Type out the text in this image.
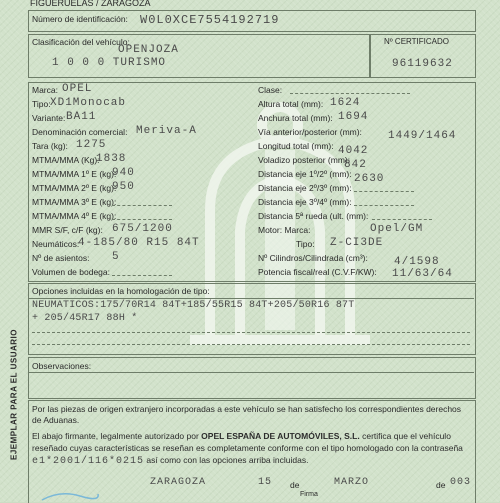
FIGUERUELAS / ZARAGOZA
Número de identificación: W0L0XCE7554192719
Clasificación del vehículo:
OPENJOZA
1 0 0 0 TURISMO
Nº CERTIFICADO
96119632
Marca: OPEL
Tipo: XD1Monocab
Variante: BA11
Denominación comercial: Meriva-A
Tara (kg): 1275
MTMA/MMA (Kg):
1838
MTMA/MMA 1º E (kg):
940
MTMA/MMA 2º E (kg):
950
MTMA/MMA 3º E (kg):
MTMA/MMA 4º E (kg):
MMR S/F, c/F (kg): 675/1200
Neumáticos:
4-185/80 R15 84T
Nº de asientos: 5
Volumen de bodega:
Clase:
Altura total (mm): 1624
Anchura total (mm): 1694
Vía anterior/posterior (mm): 1449/1464
Longitud total (mm): 4042
Voladizo posterior (mm):
842
Distancia eje 1º/2º (mm): 2630
Distancia eje 2º/3º (mm):
Distancia eje 3º/4º (mm):
Distancia 5ª rueda (ult. (mm):
Motor: Marca:	Opel/GM
Tipo: Z-CI3DE
Nº Cilindros/Cilindrada (cm³): 4/1598
Potencia fiscal/real (C.V.F/KW): 11/63/64
Opciones incluidas en la homologación de tipo:
NEUMATICOS:175/70R14 84T+185/55R15 84T+205/50R16 87T
+ 205/45R17 88H *
Observaciones:
Por las piezas de origen extranjero incorporadas a este vehículo se han satisfecho los correspondientes derechos de Aduanas.
El abajo firmante, legalmente autorizado por OPEL ESPAÑA DE AUTOMÓVILES, S.L. certifica que el vehículo reseñado cuyas características se reseñan es completamente conforme con el tipo homologado con la contraseña e1*2001/116*0215 así como con las opciones arriba incluidas.
ZARAGOZA	15 de	MARZO	de 003
Firma
EJEMPLAR PARA EL USUARIO
